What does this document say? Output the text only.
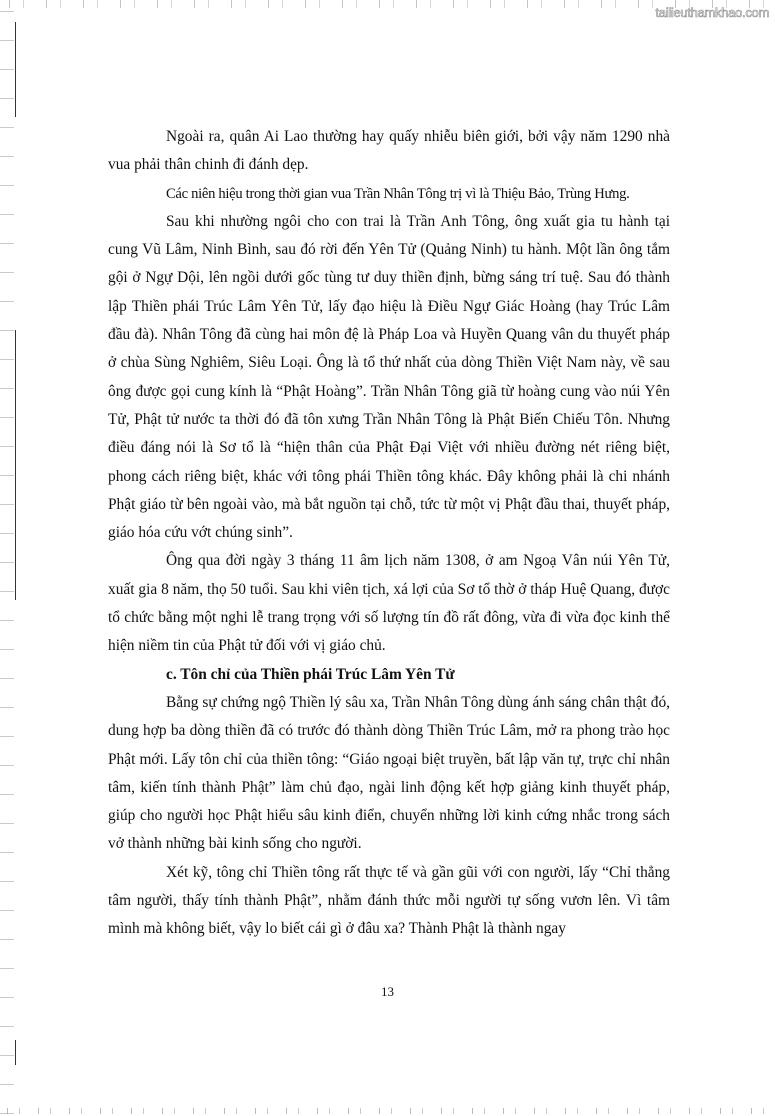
tailieuthamkhao.com

Ngoài ra, quân Ai Lao thường hay quấy nhiễu biên giới, bởi vậy năm 1290 nhà vua phải thân chinh đi đánh dẹp.

Các niên hiệu trong thời gian vua Trần Nhân Tông trị vì là Thiệu Bảo, Trùng Hưng.

Sau khi nhường ngôi cho con trai là Trần Anh Tông, ông xuất gia tu hành tại cung Vũ Lâm, Ninh Bình, sau đó rời đến Yên Tử (Quảng Ninh) tu hành. Một lần ông tắm gội ở Ngự Dội, lên ngồi dưới gốc tùng tư duy thiền định, bừng sáng trí tuệ. Sau đó thành lập Thiền phái Trúc Lâm Yên Tử, lấy đạo hiệu là Điều Ngự Giác Hoàng (hay Trúc Lâm đầu đà). Nhân Tông đã cùng hai môn đệ là Pháp Loa và Huyền Quang vân du thuyết pháp ở chùa Sùng Nghiêm, Siêu Loại. Ông là tổ thứ nhất của dòng Thiền Việt Nam này, về sau ông được gọi cung kính là “Phật Hoàng”. Trần Nhân Tông giã từ hoàng cung vào núi Yên Tử, Phật tử nước ta thời đó đã tôn xưng Trần Nhân Tông là Phật Biến Chiếu Tôn. Nhưng điều đáng nói là Sơ tổ là “hiện thân của Phật Đại Việt với nhiều đường nét riêng biệt, phong cách riêng biệt, khác với tông phái Thiền tông khác. Đây không phải là chi nhánh Phật giáo từ bên ngoài vào, mà bắt nguồn tại chỗ, tức từ một vị Phật đầu thai, thuyết pháp, giáo hóa cứu vớt chúng sinh”.

Ông qua đời ngày 3 tháng 11 âm lịch năm 1308, ở am Ngoạ Vân núi Yên Tử, xuất gia 8 năm, thọ 50 tuổi. Sau khi viên tịch, xá lợi của Sơ tổ thờ ở tháp Huệ Quang, được tổ chức bằng một nghi lễ trang trọng với số lượng tín đồ rất đông, vừa đi vừa đọc kinh thể hiện niềm tin của Phật tử đối với vị giáo chủ.

c. Tôn chỉ của Thiền phái Trúc Lâm Yên Tử

Bằng sự chứng ngộ Thiền lý sâu xa, Trần Nhân Tông dùng ánh sáng chân thật đó, dung hợp ba dòng thiền đã có trước đó thành dòng Thiền Trúc Lâm, mở ra phong trào học Phật mới. Lấy tôn chỉ của thiền tông: “Giáo ngoại biệt truyền, bất lập văn tự, trực chỉ nhân tâm, kiến tính thành Phật” làm chủ đạo, ngài linh động kết hợp giảng kinh thuyết pháp, giúp cho người học Phật hiểu sâu kinh điển, chuyển những lời kinh cứng nhắc trong sách vở thành những bài kinh sống cho người.

Xét kỹ, tông chỉ Thiền tông rất thực tế và gần gũi với con người, lấy “Chỉ thẳng tâm người, thấy tính thành Phật”, nhằm đánh thức mỗi người tự sống vươn lên. Vì tâm mình mà không biết, vậy lo biết cái gì ở đâu xa? Thành Phật là thành ngay

13
